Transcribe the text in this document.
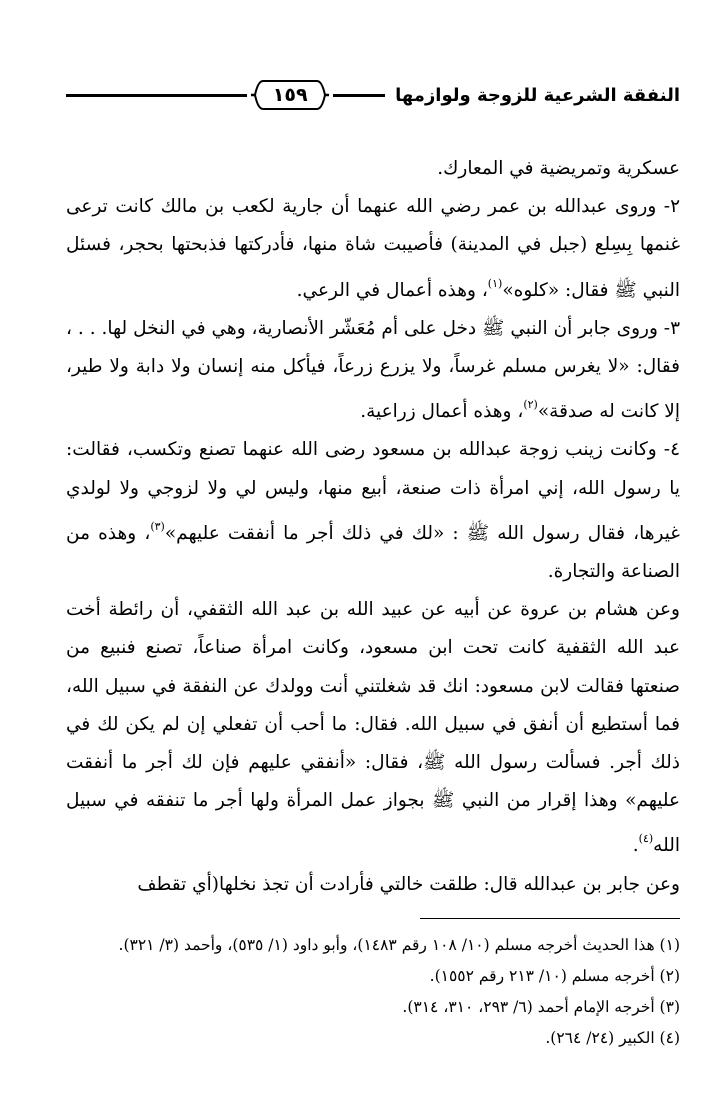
النفقة الشرعية للزوجة ولوازمها
١٥٩

عسكرية وتمريضية في المعارك.

٢- وروى عبدالله بن عمر رضي الله عنهما أن جارية لكعب بن مالك كانت ترعى غنمها بِسِلع (جبل في المدينة) فأصيبت شاة منها، فأدركتها فذبحتها بحجر، فسئل النبي ﷺ فقال: «كلوه»$^{(١)}$، وهذه أعمال في الرعي.

٣- وروى جابر أن النبي ﷺ دخل على أم مُعَشّر الأنصارية، وهي في النخل لها. . . ، فقال: «لا يغرس مسلم غرساً، ولا يزرع زرعاً، فيأكل منه إنسان ولا دابة ولا طير، إلا كانت له صدقة»$^{(٢)}$، وهذه أعمال زراعية.

٤- وكانت زينب زوجة عبدالله بن مسعود رضى الله عنهما تصنع وتكسب، فقالت: يا رسول الله، إني امرأة ذات صنعة، أبيع منها، وليس لي ولا لزوجي ولا لولدي غيرها، فقال رسول الله ﷺ : «لك في ذلك أجر ما أنفقت عليهم»$^{(٣)}$، وهذه من الصناعة والتجارة.

وعن هشام بن عروة عن أبيه عن عبيد الله بن عبد الله الثقفي، أن رائطة أخت عبد الله الثقفية كانت تحت ابن مسعود، وكانت امرأة صناعاً، تصنع فنبيع من صنعتها فقالت لابن مسعود: انك قد شغلتني أنت وولدك عن النفقة في سبيل الله، فما أستطيع أن أنفق في سبيل الله. فقال: ما أحب أن تفعلي إن لم يكن لك في ذلك أجر. فسألت رسول الله ﷺ، فقال: «أنفقي عليهم فإن لك أجر ما أنفقت عليهم» وهذا إقرار من النبي ﷺ بجواز عمل المرأة ولها أجر ما تنفقه في سبيل الله$^{(٤)}$.

وعن جابر بن عبدالله قال: طلقت خالتي فأرادت أن تجذ نخلها(أي تقطف

(١) هذا الحديث أخرجه مسلم (١٠/ ١٠٨ رقم ١٤٨٣)، وأبو داود (١/ ٥٣٥)، وأحمد (٣/ ٣٢١).

(٢) أخرجه مسلم (١٠/ ٢١٣ رقم ١٥٥٢).

(٣) أخرجه الإمام أحمد (٦/ ٢٩٣، ٣١٠، ٣١٤).

(٤) الكبير (٢٤/ ٢٦٤).
